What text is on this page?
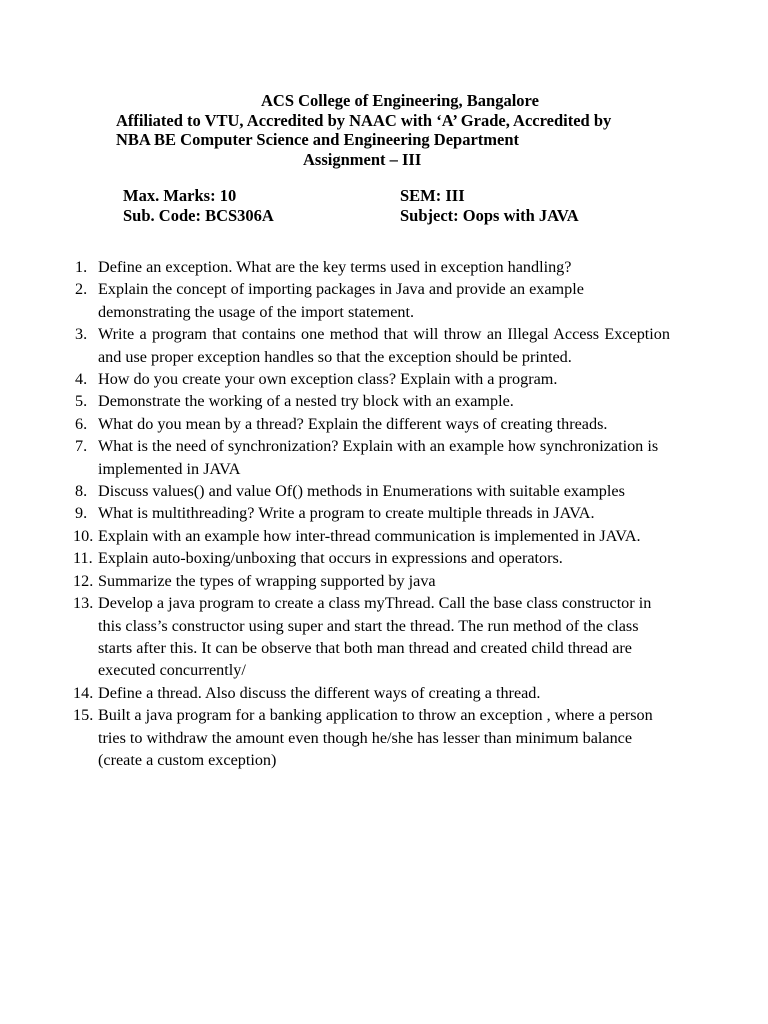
ACS College of Engineering, Bangalore
Affiliated to VTU, Accredited by NAAC with ‘A’ Grade, Accredited by
NBA BE Computer Science and Engineering Department
Assignment – III
Max. Marks: 10	SEM: III
Sub. Code: BCS306A	Subject: Oops with JAVA
1. Define an exception. What are the key terms used in exception handling?
2. Explain the concept of importing packages in Java and provide an example demonstrating the usage of the import statement.
3. Write a program that contains one method that will throw an Illegal Access Exception and use proper exception handles so that the exception should be printed.
4. How do you create your own exception class? Explain with a program.
5. Demonstrate the working of a nested try block with an example.
6. What do you mean by a thread? Explain the different ways of creating threads.
7. What is the need of synchronization? Explain with an example how synchronization is implemented in JAVA
8. Discuss values() and value Of() methods in Enumerations with suitable examples
9. What is multithreading? Write a program to create multiple threads in JAVA.
10. Explain with an example how inter-thread communication is implemented in JAVA.
11. Explain auto-boxing/unboxing that occurs in expressions and operators.
12. Summarize the types of wrapping supported by java
13. Develop a java program to create a class myThread. Call the base class constructor in this class’s constructor using super and start the thread. The run method of the class starts after this. It can be observe that both man thread and created child thread are executed concurrently/
14. Define a thread. Also discuss the different ways of creating a thread.
15. Built a java program for a banking application to throw an exception , where a person tries to withdraw the amount even though he/she has lesser than minimum balance (create a custom exception)
